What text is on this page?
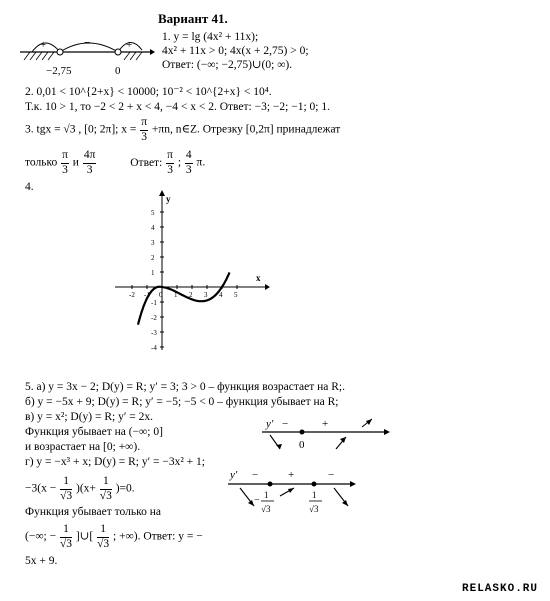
Вариант 41.
+	−	+
−2,75	0
1. y = lg (4x² + 11x);
4x² + 11x > 0; 4x(x + 2,75) > 0;
Ответ: (−∞; −2,75)∪(0; ∞).
2. 0,01 < 10^{2+x} < 10000; 10⁻² < 10^{2+x} < 10⁴.
Т.к. 10 > 1, то −2 < 2 + x < 4, −4 < x < 2. Ответ: −3; −2; −1; 0; 1.
3. tgx = √3 , [0; 2π]; $x = \frac{\pi}{3} +\pi n$, n∈Z. Отрезку [0,2π] принадлежат
только $\frac{\pi}{3}$ и $\frac{4\pi}{3}$	Ответ: $\frac{\pi}{3}$ ; $\frac{4}{3} \pi$.
4.
-2 -1 0 1 2 3 4 5
1
2
3
4
5
-1
-2
-3
-4
x
y
5. а) y = 3x − 2; D(y) = R; y′ = 3; 3 > 0 – функция возрастает на R;.
б) y = −5x + 9; D(y) = R; y′ = −5; −5 < 0 – функция убывает на R;
в) y = x²; D(y) = R; y′ = 2x.
Функция убывает на (−∞; 0]
и возрастает на [0; +∞).
г) y = −x³ + x; D(y) = R; y′ = −3x² + 1;
$-3(x - \frac{1}{√3} )(x+ \frac{1}{√3} )=0$.
Функция убывает только на
(−∞; − $\frac{1}{√3}$ ]∪[ $\frac{1}{√3}$ ; +∞). Ответ: y = −
5x + 9.
y′ −	+
0
y′ −	+	−
− 1
√3
1
√3
RELASKO.RU
